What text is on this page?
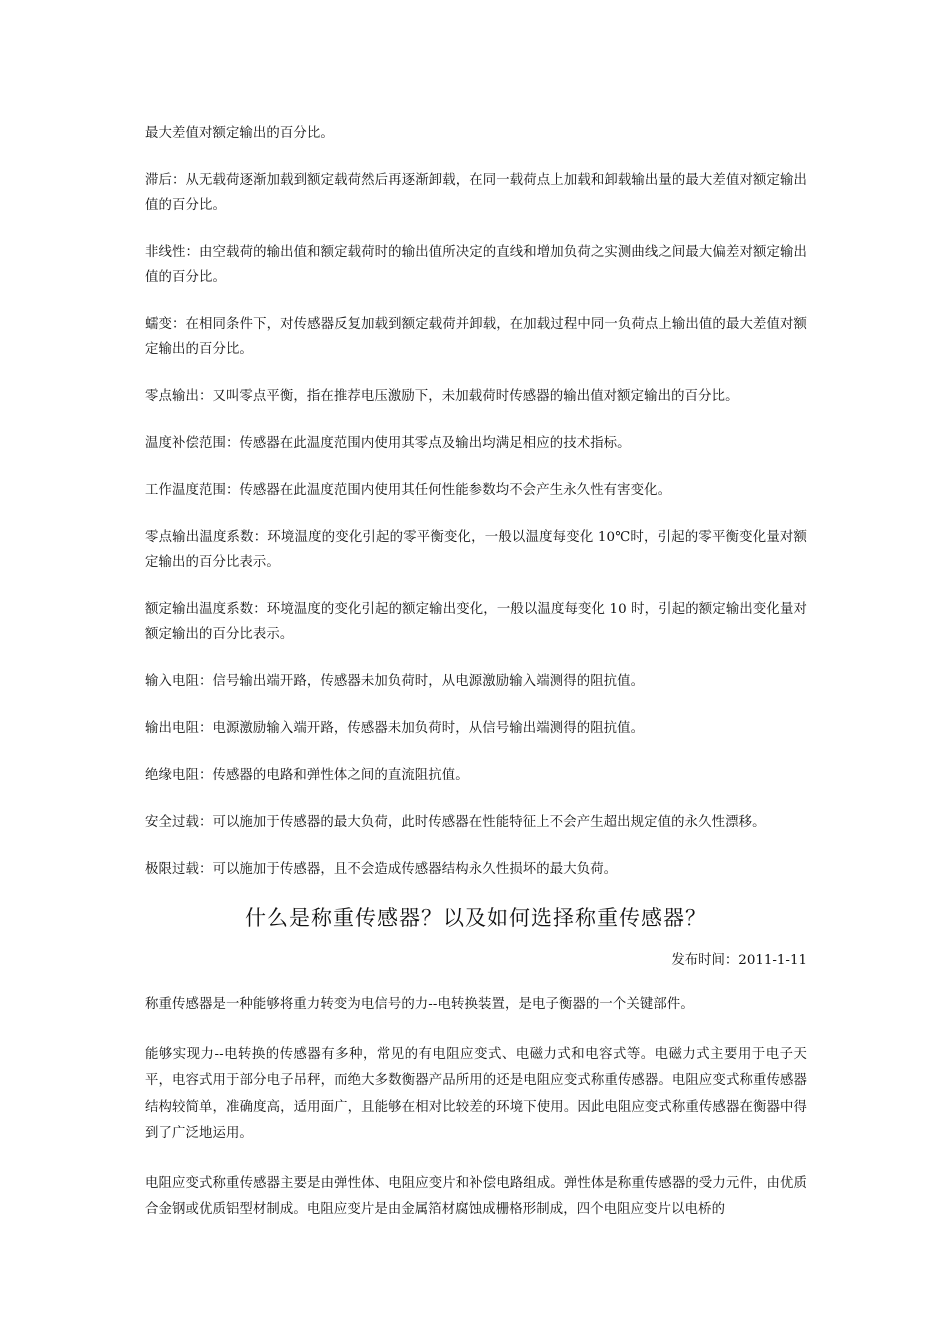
最大差值对额定输出的百分比。

滞后：从无载荷逐渐加载到额定载荷然后再逐渐卸载，在同一载荷点上加载和卸载输出量的最大差值对额定输出值的百分比。

非线性：由空载荷的输出值和额定载荷时的输出值所决定的直线和增加负荷之实测曲线之间最大偏差对额定输出值的百分比。

蠕变：在相同条件下，对传感器反复加载到额定载荷并卸载，在加载过程中同一负荷点上输出值的最大差值对额定输出的百分比。

零点输出：又叫零点平衡，指在推荐电压激励下，未加载荷时传感器的输出值对额定输出的百分比。

温度补偿范围：传感器在此温度范围内使用其零点及输出均满足相应的技术指标。

工作温度范围：传感器在此温度范围内使用其任何性能参数均不会产生永久性有害变化。

零点输出温度系数：环境温度的变化引起的零平衡变化，一般以温度每变化 10℃时，引起的零平衡变化量对额定输出的百分比表示。

额定输出温度系数：环境温度的变化引起的额定输出变化，一般以温度每变化 10 时，引起的额定输出变化量对额定输出的百分比表示。

输入电阻：信号输出端开路，传感器未加负荷时，从电源激励输入端测得的阻抗值。

输出电阻：电源激励输入端开路，传感器未加负荷时，从信号输出端测得的阻抗值。

绝缘电阻：传感器的电路和弹性体之间的直流阻抗值。

安全过载：可以施加于传感器的最大负荷，此时传感器在性能特征上不会产生超出规定值的永久性漂移。

极限过载：可以施加于传感器，且不会造成传感器结构永久性损坏的最大负荷。

什么是称重传感器？以及如何选择称重传感器？
发布时间：2011-1-11

称重传感器是一种能够将重力转变为电信号的力--电转换装置，是电子衡器的一个关键部件。

能够实现力--电转换的传感器有多种，常见的有电阻应变式、电磁力式和电容式等。电磁力式主要用于电子天平，电容式用于部分电子吊秤，而绝大多数衡器产品所用的还是电阻应变式称重传感器。电阻应变式称重传感器结构较简单，准确度高，适用面广，且能够在相对比较差的环境下使用。因此电阻应变式称重传感器在衡器中得到了广泛地运用。

电阻应变式称重传感器主要是由弹性体、电阻应变片和补偿电路组成。弹性体是称重传感器的受力元件，由优质合金钢或优质铝型材制成。电阻应变片是由金属箔材腐蚀成栅格形制成，四个电阻应变片以电桥的
